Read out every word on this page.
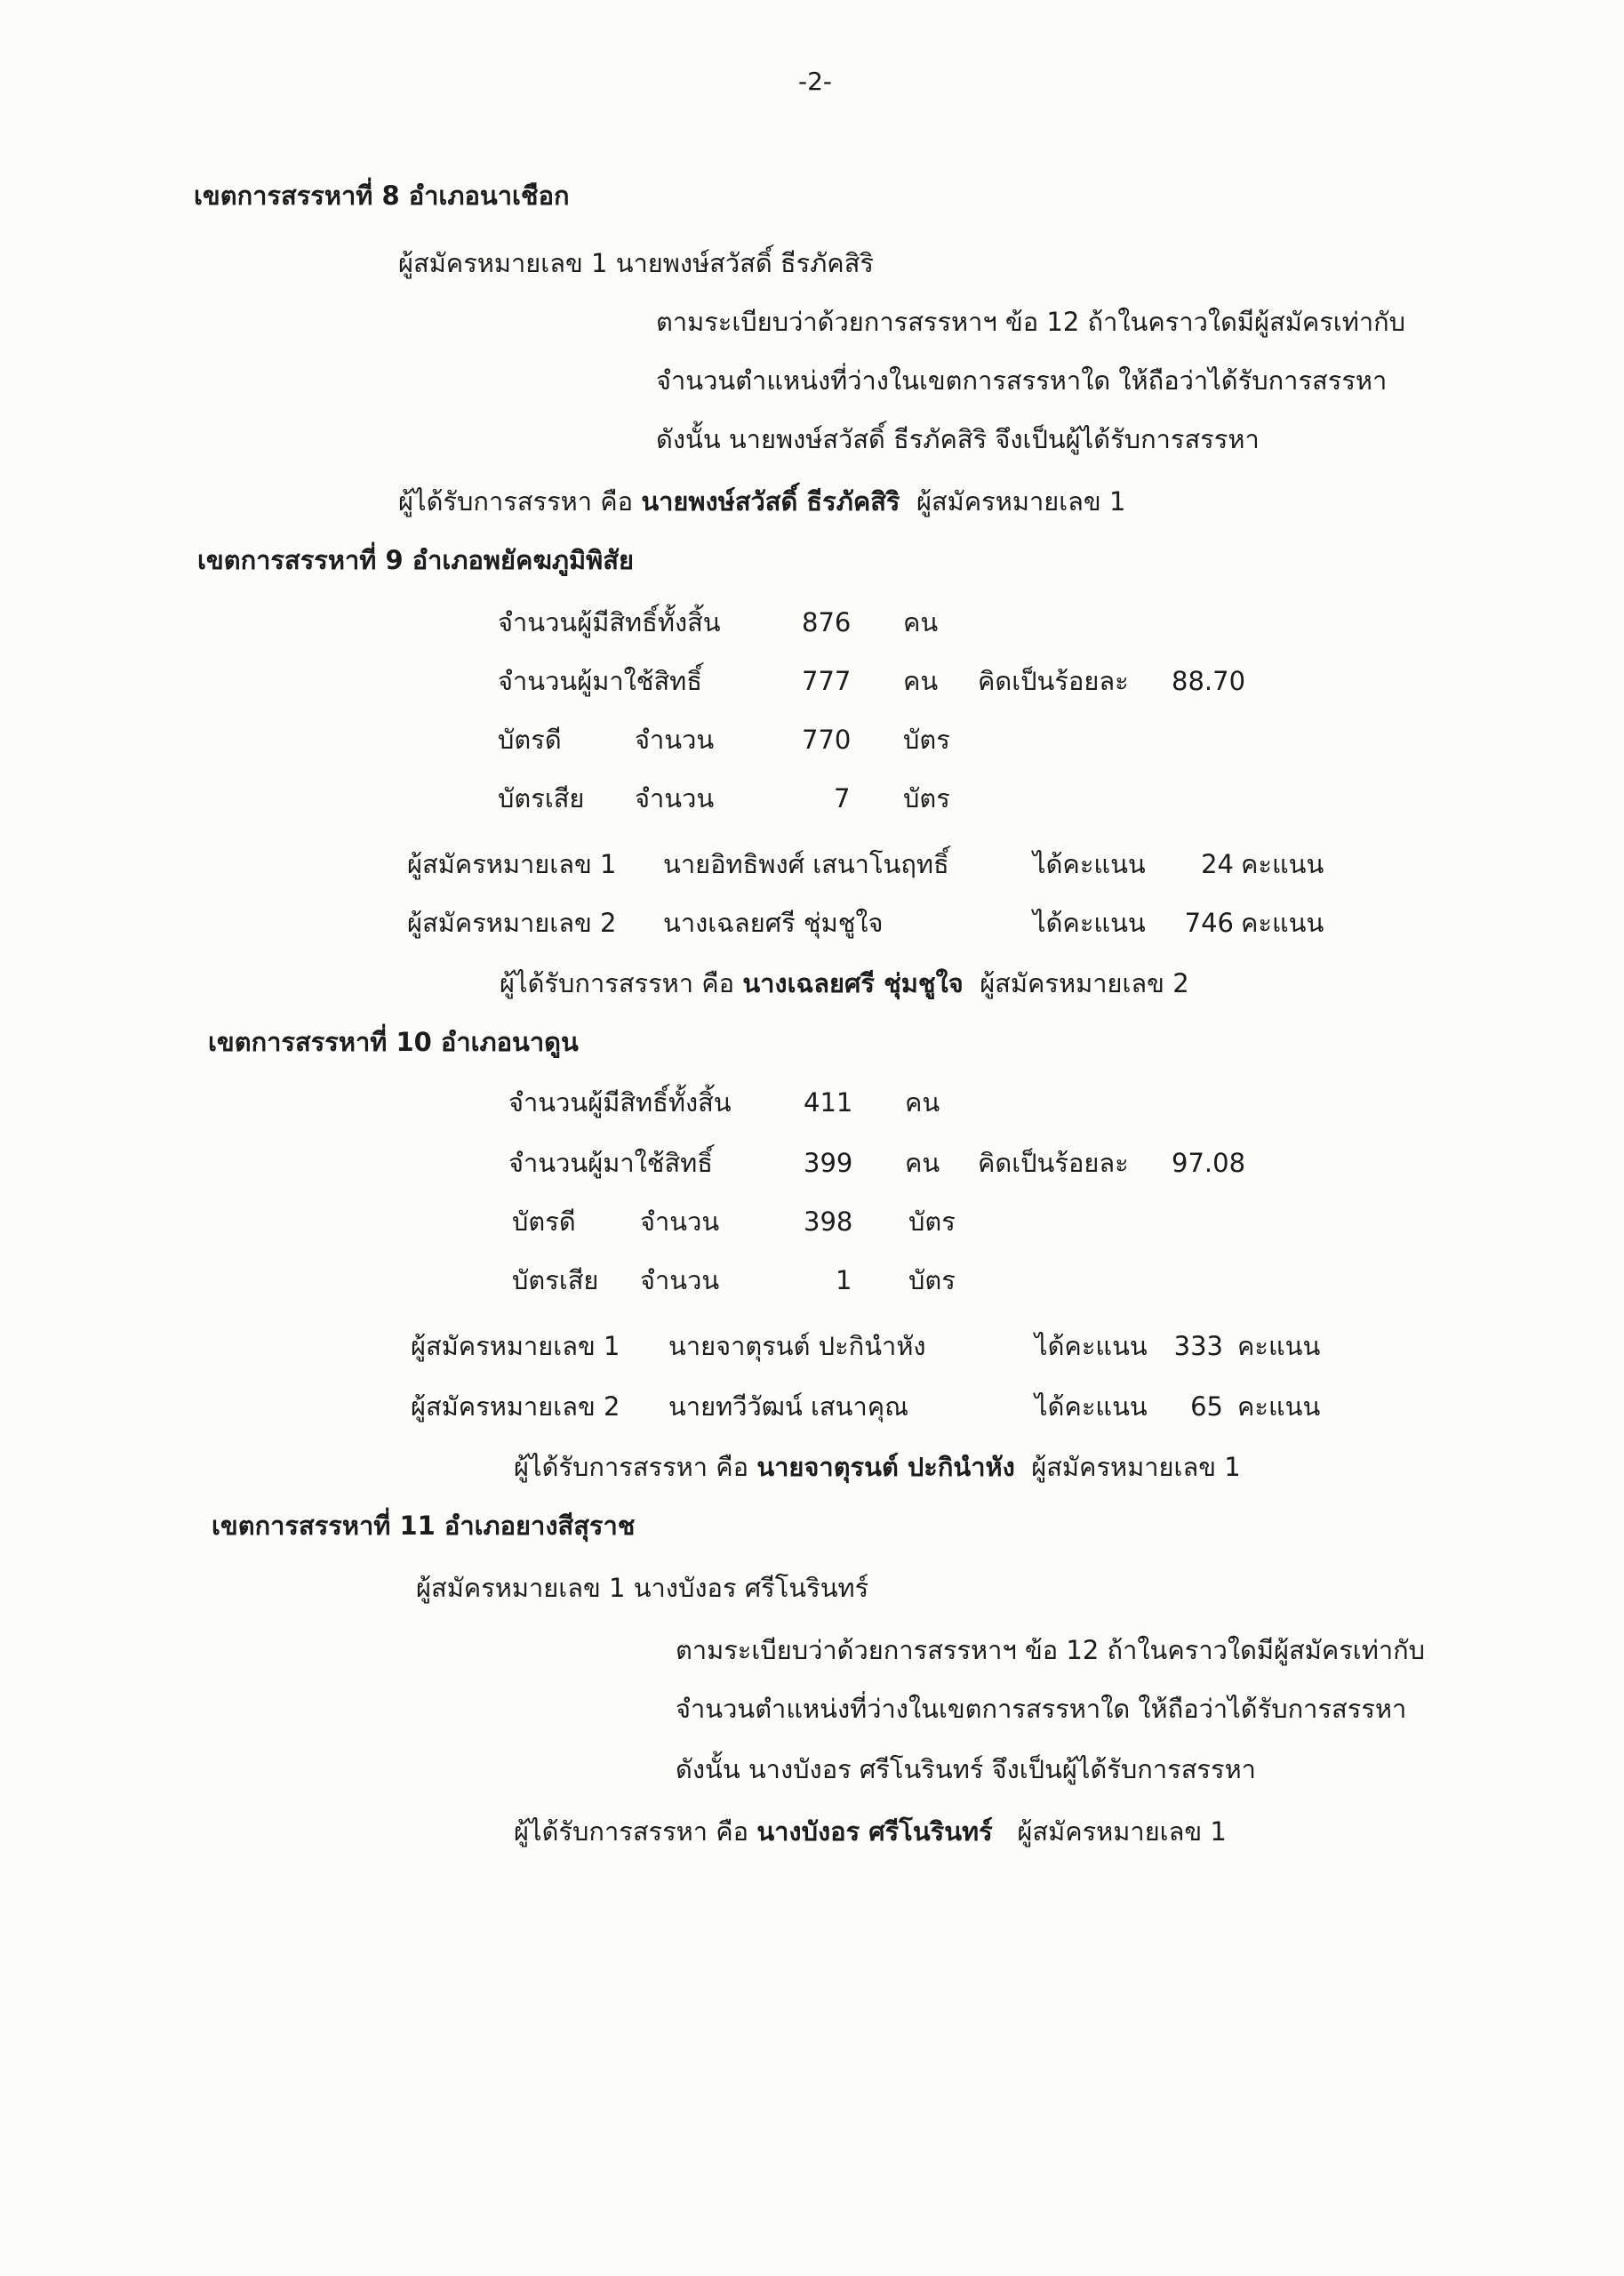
-2-
เขตการสรรหาที่ 8 อำเภอนาเชือก
ผู้สมัครหมายเลข 1 นายพงษ์สวัสดิ์ ธีรภัคสิริ
ตามระเบียบว่าด้วยการสรรหาฯ ข้อ 12 ถ้าในคราวใดมีผู้สมัครเท่ากับ
จำนวนตำแหน่งที่ว่างในเขตการสรรหาใด ให้ถือว่าได้รับการสรรหา
ดังนั้น นายพงษ์สวัสดิ์ ธีรภัคสิริ จึงเป็นผู้ได้รับการสรรหา
ผู้ได้รับการสรรหา คือ นายพงษ์สวัสดิ์ ธีรภัคสิริ ผู้สมัครหมายเลข 1
เขตการสรรหาที่ 9 อำเภอพยัคฆภูมิพิสัย
จำนวนผู้มีสิทธิ์ทั้งสิ้น	876 คน
จำนวนผู้มาใช้สิทธิ์	777 คน คิดเป็นร้อยละ 88.70
บัตรดี	จำนวน	770 บัตร
บัตรเสีย จำนวน	7 บัตร
ผู้สมัครหมายเลข 1 นายอิทธิพงศ์ เสนาโนฤทธิ์	ได้คะแนน	24 คะแนน
ผู้สมัครหมายเลข 2 นางเฉลยศรี ชุ่มชูใจ	ได้คะแนน	746 คะแนน
ผู้ได้รับการสรรหา คือ นางเฉลยศรี ชุ่มชูใจ ผู้สมัครหมายเลข 2
เขตการสรรหาที่ 10 อำเภอนาดูน
จำนวนผู้มีสิทธิ์ทั้งสิ้น	411 คน
จำนวนผู้มาใช้สิทธิ์	399 คน คิดเป็นร้อยละ 97.08
บัตรดี จำนวน	398 บัตร
บัตรเสีย จำนวน	1 บัตร
ผู้สมัครหมายเลข 1 นายจาตุรนต์ ปะกินำหัง	ได้คะแนน	333 คะแนน
ผู้สมัครหมายเลข 2 นายทวีวัฒน์ เสนาคุณ	ได้คะแนน	65 คะแนน
ผู้ได้รับการสรรหา คือ นายจาตุรนต์ ปะกินำหัง ผู้สมัครหมายเลข 1
เขตการสรรหาที่ 11 อำเภอยางสีสุราช
ผู้สมัครหมายเลข 1 นางบังอร ศรีโนรินทร์
ตามระเบียบว่าด้วยการสรรหาฯ ข้อ 12 ถ้าในคราวใดมีผู้สมัครเท่ากับ
จำนวนตำแหน่งที่ว่างในเขตการสรรหาใด ให้ถือว่าได้รับการสรรหา
ดังนั้น นางบังอร ศรีโนรินทร์ จึงเป็นผู้ได้รับการสรรหา
ผู้ได้รับการสรรหา คือ นางบังอร ศรีโนรินทร์ ผู้สมัครหมายเลข 1
